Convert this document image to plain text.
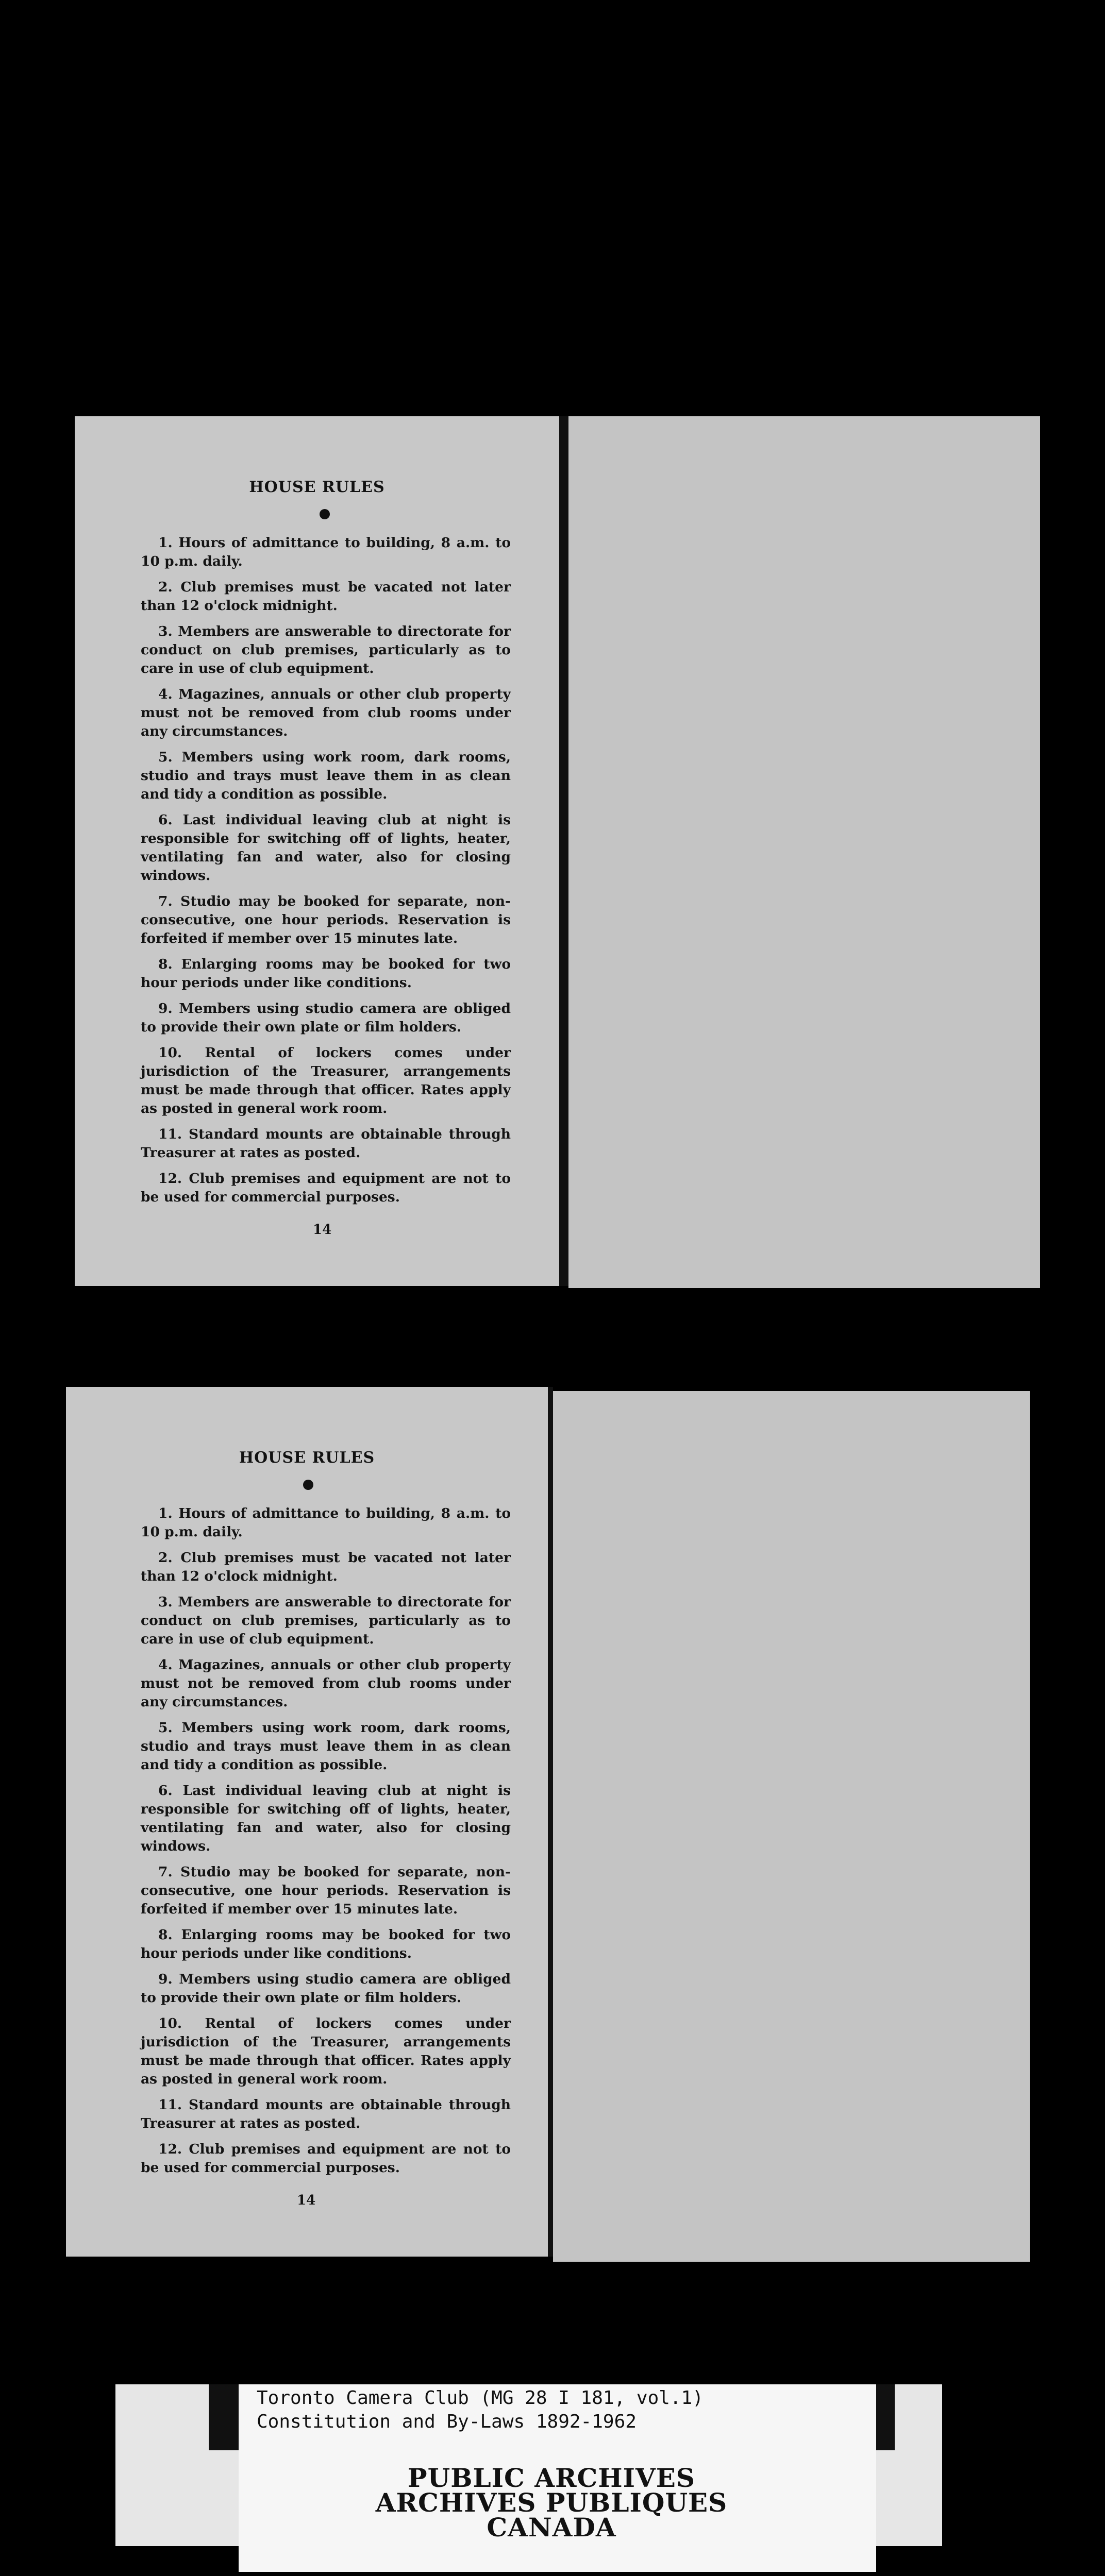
HOUSE RULES

1. Hours of admittance to building, 8 a.m. to 10 p.m. daily.

2. Club premises must be vacated not later than 12 o'clock midnight.

3. Members are answerable to directorate for conduct on club premises, particularly as to care in use of club equipment.

4. Magazines, annuals or other club property must not be removed from club rooms under any circumstances.

5. Members using work room, dark rooms, studio and trays must leave them in as clean and tidy a condition as possible.

6. Last individual leaving club at night is responsible for switching off of lights, heater, ventilating fan and water, also for closing windows.

7. Studio may be booked for separate, non-consecutive, one hour periods. Reservation is forfeited if member over 15 minutes late.

8. Enlarging rooms may be booked for two hour periods under like conditions.

9. Members using studio camera are obliged to provide their own plate or film holders.

10. Rental of lockers comes under jurisdiction of the Treasurer, arrangements must be made through that officer. Rates apply as posted in general work room.

11. Standard mounts are obtainable through Treasurer at rates as posted.

12. Club premises and equipment are not to be used for commercial purposes.

14
HOUSE RULES

1. Hours of admittance to building, 8 a.m. to 10 p.m. daily.

2. Club premises must be vacated not later than 12 o'clock midnight.

3. Members are answerable to directorate for conduct on club premises, particularly as to care in use of club equipment.

4. Magazines, annuals or other club property must not be removed from club rooms under any circumstances.

5. Members using work room, dark rooms, studio and trays must leave them in as clean and tidy a condition as possible.

6. Last individual leaving club at night is responsible for switching off of lights, heater, ventilating fan and water, also for closing windows.

7. Studio may be booked for separate, non-consecutive, one hour periods. Reservation is forfeited if member over 15 minutes late.

8. Enlarging rooms may be booked for two hour periods under like conditions.

9. Members using studio camera are obliged to provide their own plate or film holders.

10. Rental of lockers comes under jurisdiction of the Treasurer, arrangements must be made through that officer. Rates apply as posted in general work room.

11. Standard mounts are obtainable through Treasurer at rates as posted.

12. Club premises and equipment are not to be used for commercial purposes.

14
Toronto Camera Club (MG 28 I 181, vol.1)
Constitution and By-Laws 1892-1962
PUBLIC ARCHIVES
ARCHIVES PUBLIQUES
CANADA
